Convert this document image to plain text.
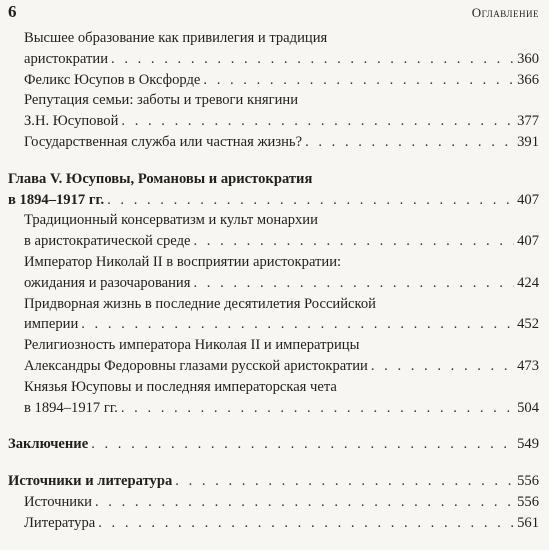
6	Оглавление
Высшее образование как привилегия и традиция
аристократии . . .	360
Феликс Юсупов в Оксфорде . . .	366
Репутация семьи: заботы и тревоги княгини
З.Н. Юсуповой . . .	377
Государственная служба или частная жизнь? . . .	391
Глава V. Юсуповы, Романовы и аристократия
в 1894–1917 гг. . . .	407
Традиционный консерватизм и культ монархии
в аристократической среде . . .	407
Император Николай II в восприятии аристократии:
ожидания и разочарования . . .	424
Придворная жизнь в последние десятилетия Российской
империи . . .	452
Религиозность императора Николая II и императрицы
Александры Федоровны глазами русской аристократии . . .	473
Князья Юсуповы и последняя императорская чета
в 1894–1917 гг. . . .	504
Заключение . . .	549
Источники и литература . . .	556
Источники . . .	556
Литература . . .	561
